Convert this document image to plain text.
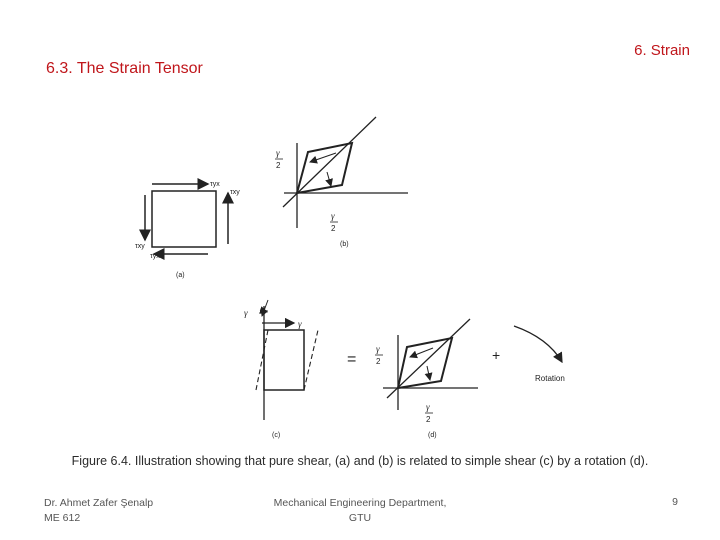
6. Strain
6.3. The Strain Tensor
τyx
τxy
τxy
τyx
(a)
γ
2
γ
2
(b)
γ
γ
(c)
=
γ
2
γ
2
(d)
+
Rotation
Figure 6.4. Illustration showing that pure shear, (a) and (b) is related to simple shear (c) by a rotation (d).
Dr. Ahmet Zafer Şenalp
ME 612
Mechanical Engineering Department,
GTU
9
